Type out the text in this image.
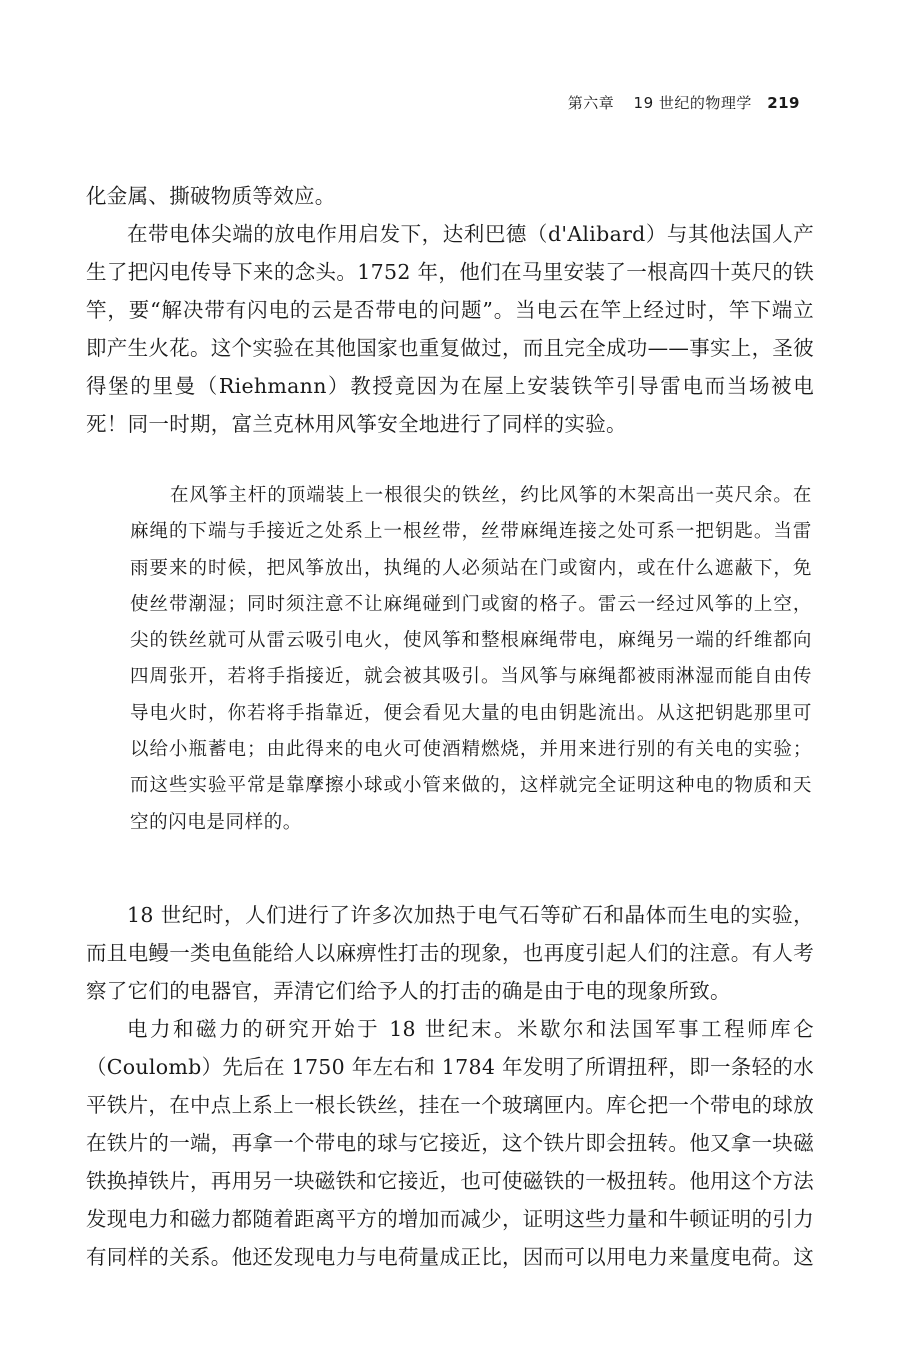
第六章 19 世纪的物理学 219

化金属、撕破物质等效应。

在带电体尖端的放电作用启发下，达利巴德（d'Alibard）与其他法国人产生了把闪电传导下来的念头。1752 年，他们在马里安装了一根高四十英尺的铁竿，要“解决带有闪电的云是否带电的问题”。当电云在竿上经过时，竿下端立即产生火花。这个实验在其他国家也重复做过，而且完全成功——事实上，圣彼得堡的里曼（Riehmann）教授竟因为在屋上安装铁竿引导雷电而当场被电死！同一时期，富兰克林用风筝安全地进行了同样的实验。

在风筝主杆的顶端装上一根很尖的铁丝，约比风筝的木架高出一英尺余。在麻绳的下端与手接近之处系上一根丝带，丝带麻绳连接之处可系一把钥匙。当雷雨要来的时候，把风筝放出，执绳的人必须站在门或窗内，或在什么遮蔽下，免使丝带潮湿；同时须注意不让麻绳碰到门或窗的格子。雷云一经过风筝的上空，尖的铁丝就可从雷云吸引电火，使风筝和整根麻绳带电，麻绳另一端的纤维都向四周张开，若将手指接近，就会被其吸引。当风筝与麻绳都被雨淋湿而能自由传导电火时，你若将手指靠近，便会看见大量的电由钥匙流出。从这把钥匙那里可以给小瓶蓄电；由此得来的电火可使酒精燃烧，并用来进行别的有关电的实验；而这些实验平常是靠摩擦小球或小管来做的，这样就完全证明这种电的物质和天空的闪电是同样的。

18 世纪时，人们进行了许多次加热于电气石等矿石和晶体而生电的实验，而且电鳗一类电鱼能给人以麻痹性打击的现象，也再度引起人们的注意。有人考察了它们的电器官，弄清它们给予人的打击的确是由于电的现象所致。

电力和磁力的研究开始于 18 世纪末。米歇尔和法国军事工程师库仑（Coulomb）先后在 1750 年左右和 1784 年发明了所谓扭秤，即一条轻的水平铁片，在中点上系上一根长铁丝，挂在一个玻璃匣内。库仑把一个带电的球放在铁片的一端，再拿一个带电的球与它接近，这个铁片即会扭转。他又拿一块磁铁换掉铁片，再用另一块磁铁和它接近，也可使磁铁的一极扭转。他用这个方法发现电力和磁力都随着距离平方的增加而减少，证明这些力量和牛顿证明的引力有同样的关系。他还发现电力与电荷量成正比，因而可以用电力来量度电荷。这
